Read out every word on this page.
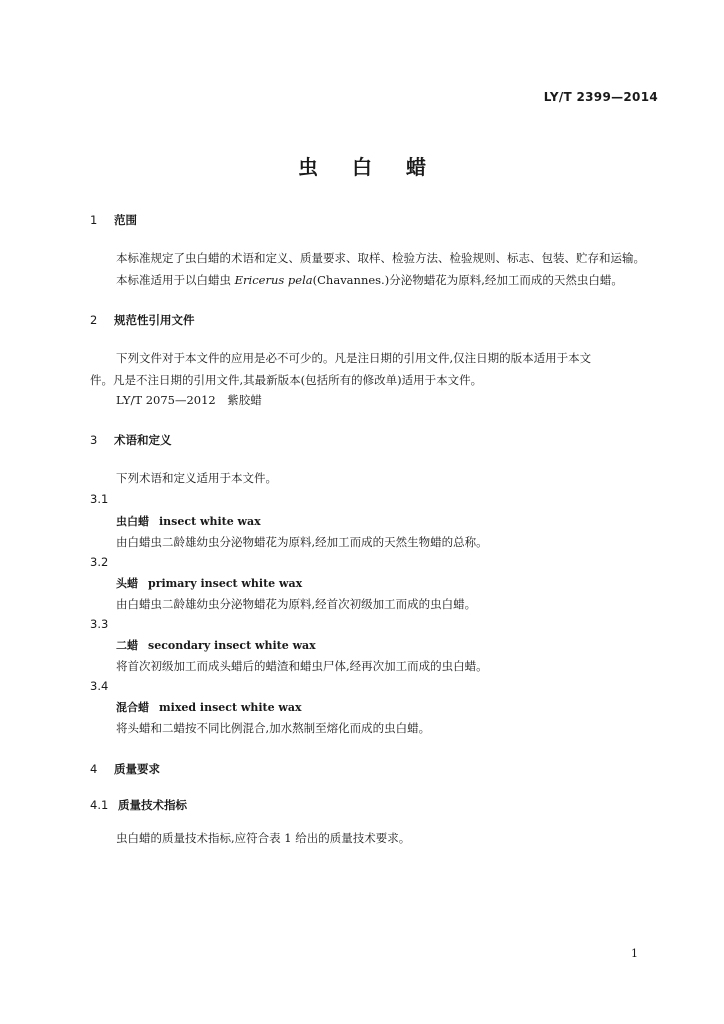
LY/T 2399—2014
虫白蜡
1 范围
本标准规定了虫白蜡的术语和定义、质量要求、取样、检验方法、检验规则、标志、包装、贮存和运输。
本标准适用于以白蜡虫 Ericerus pela(Chavannes.)分泌物蜡花为原料,经加工而成的天然虫白蜡。
2 规范性引用文件
下列文件对于本文件的应用是必不可少的。凡是注日期的引用文件,仅注日期的版本适用于本文
件。凡是不注日期的引用文件,其最新版本(包括所有的修改单)适用于本文件。
LY/T 2075—2012　紫胶蜡
3 术语和定义
下列术语和定义适用于本文件。
3.1
虫白蜡 insect white wax
由白蜡虫二龄雄幼虫分泌物蜡花为原料,经加工而成的天然生物蜡的总称。
3.2
头蜡 primary insect white wax
由白蜡虫二龄雄幼虫分泌物蜡花为原料,经首次初级加工而成的虫白蜡。
3.3
二蜡 secondary insect white wax
将首次初级加工而成头蜡后的蜡渣和蜡虫尸体,经再次加工而成的虫白蜡。
3.4
混合蜡 mixed insect white wax
将头蜡和二蜡按不同比例混合,加水熬制至熔化而成的虫白蜡。
4 质量要求
4.1 质量技术指标
虫白蜡的质量技术指标,应符合表 1 给出的质量技术要求。
1
